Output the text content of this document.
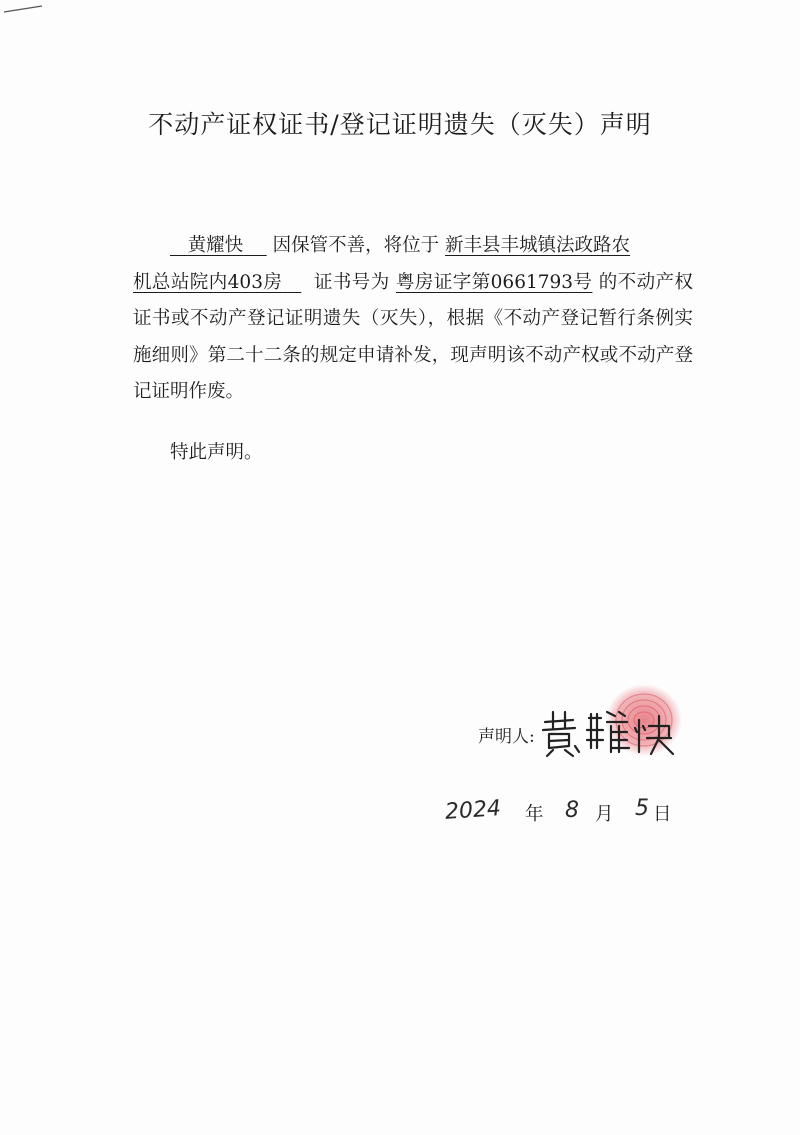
不动产证权证书/登记证明遗失（灭失）声明
黄耀快 因保管不善，将位于 新丰县丰城镇法政路农
机总站院内403房 证书号为 粤房证字第0661793号 的不动产权证书或不动产登记证明遗失（灭失），根据《不动产登记暂行条例实施细则》第二十二条的规定申请补发，现声明该不动产权或不动产登记证明作废。
特此声明。
声明人:
2024 年 8 月 5 日
